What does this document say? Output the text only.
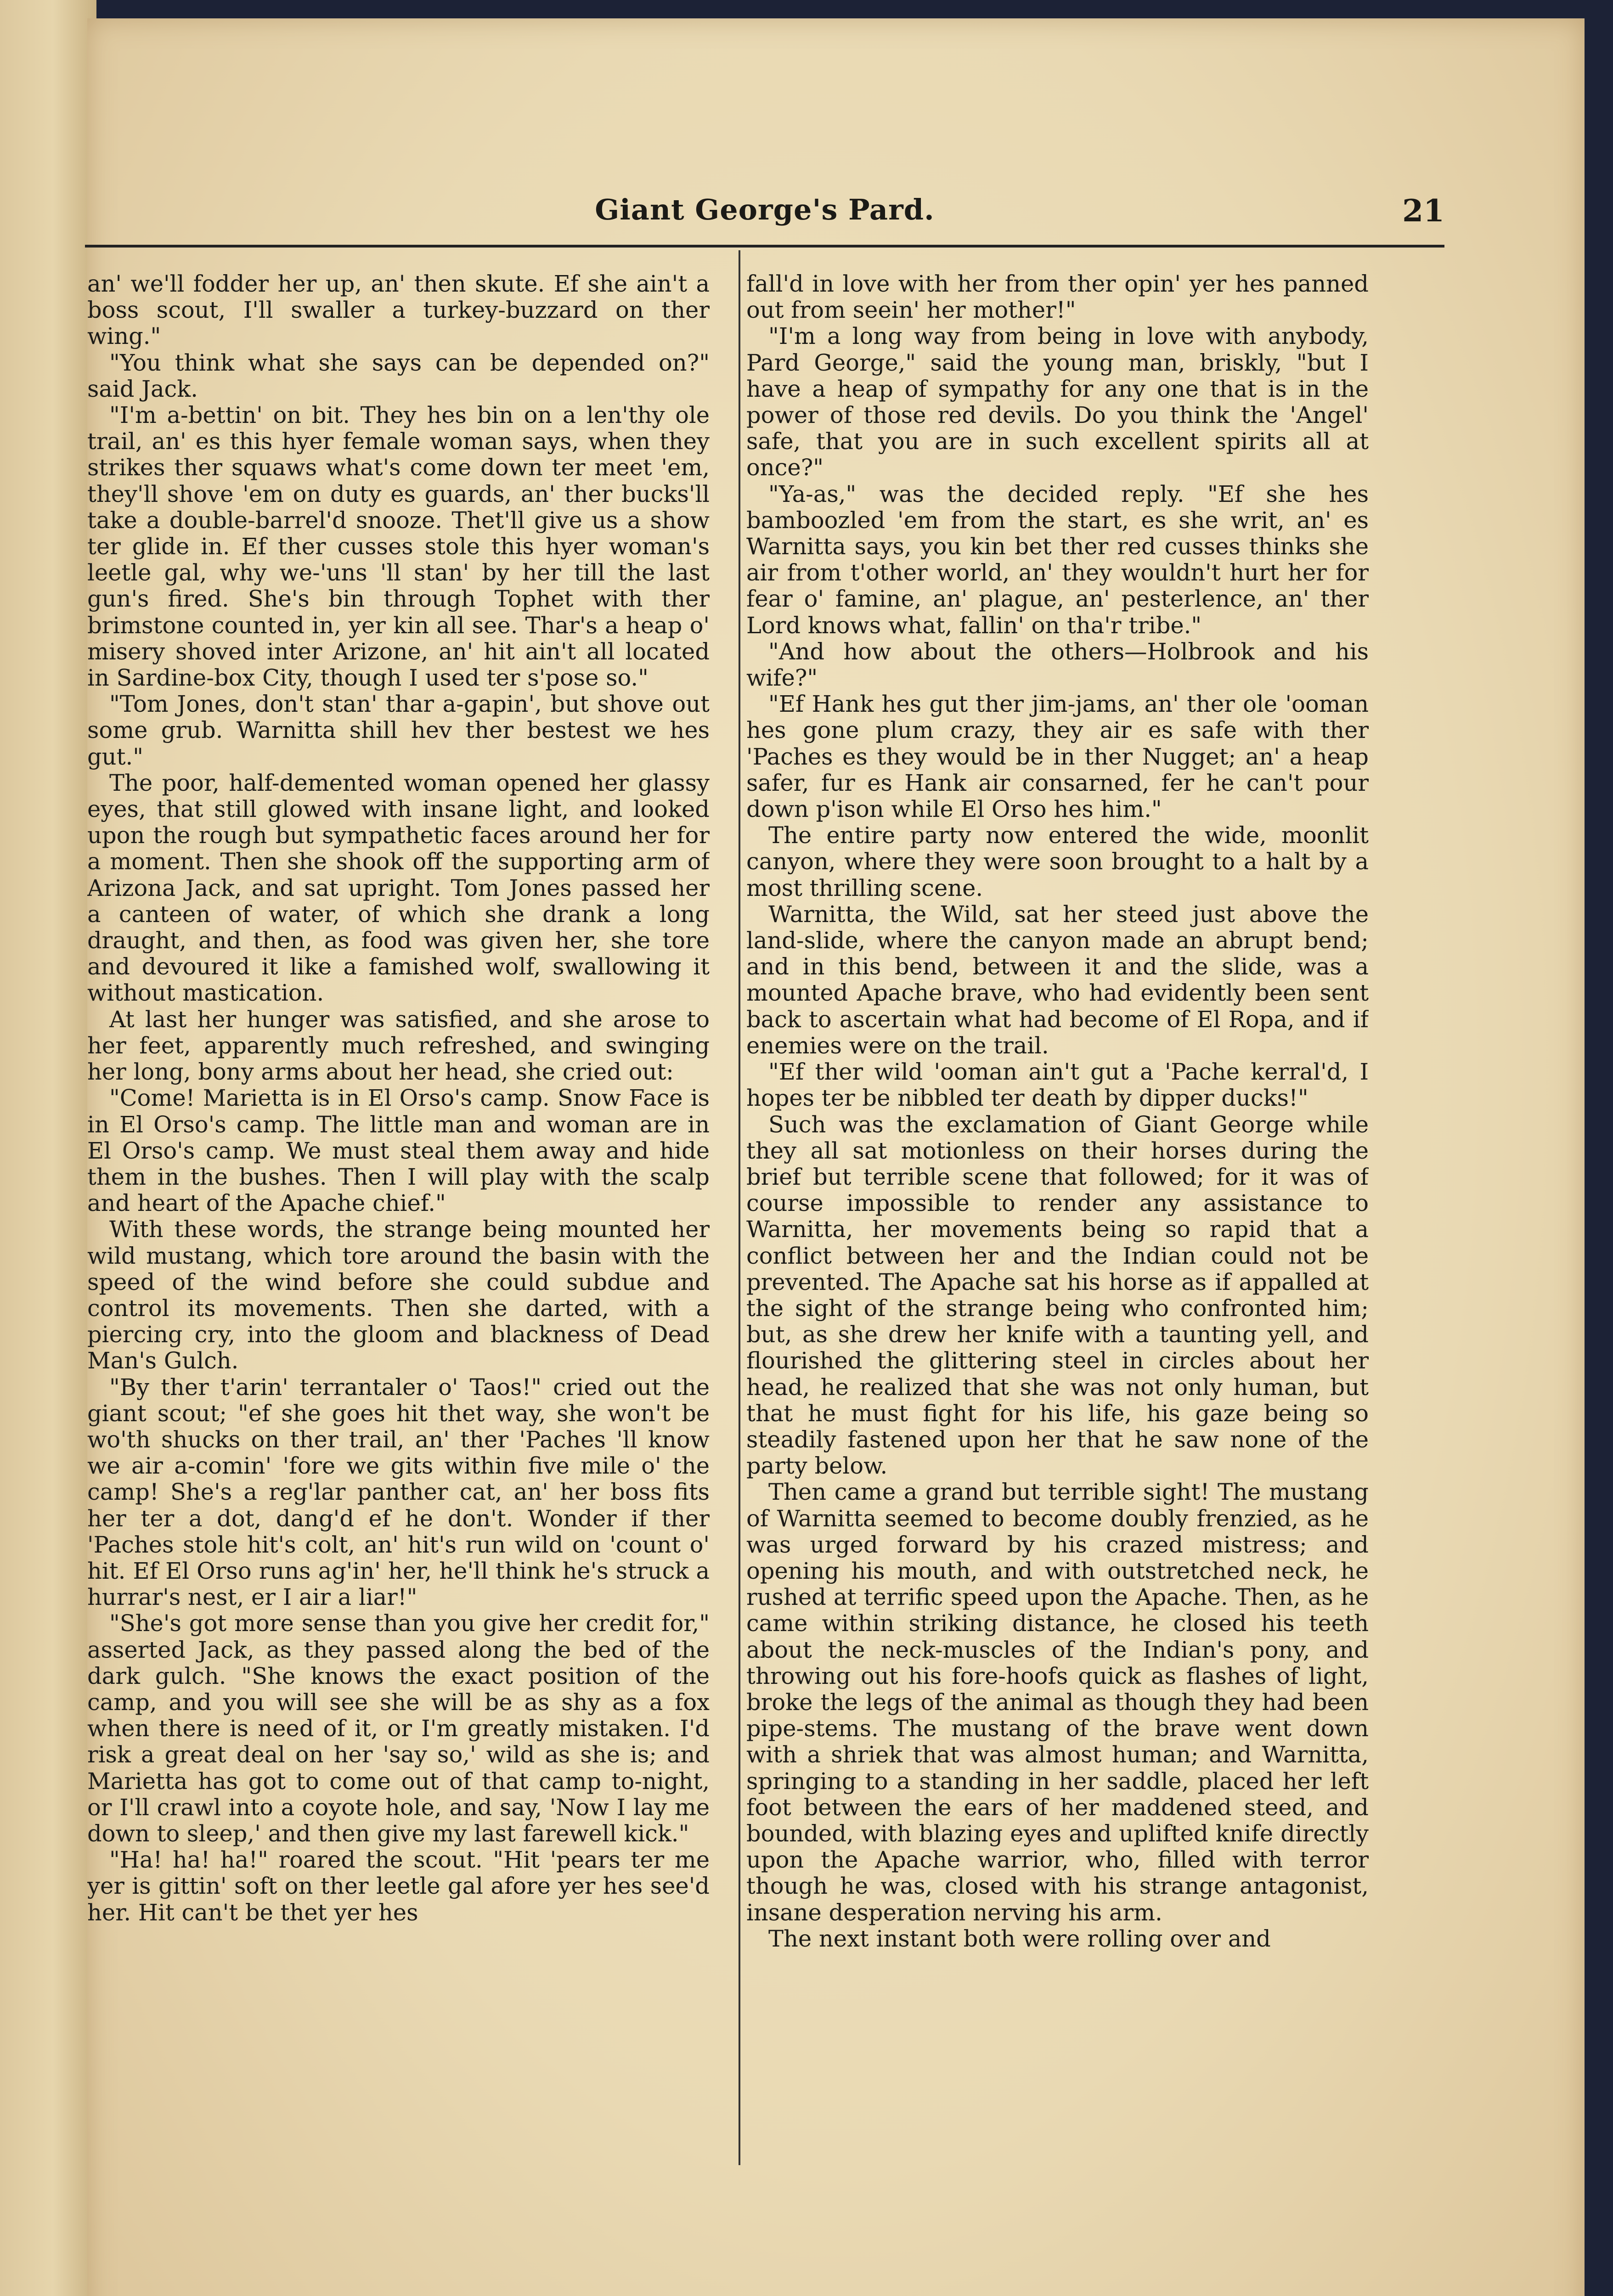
Giant George's Pard.	21

an' we'll fodder her up, an' then skute. Ef she ain't a boss scout, I'll swaller a turkey-buzzard on ther wing."

"You think what she says can be depended on?" said Jack.

"I'm a-bettin' on bit. They hes bin on a len'thy ole trail, an' es this hyer female woman says, when they strikes ther squaws what's come down ter meet 'em, they'll shove 'em on duty es guards, an' ther bucks'll take a double-barrel'd snooze. Thet'll give us a show ter glide in. Ef ther cusses stole this hyer woman's leetle gal, why we-'uns 'll stan' by her till the last gun's fired. She's bin through Tophet with ther brimstone counted in, yer kin all see. Thar's a heap o' misery shoved inter Arizone, an' hit ain't all located in Sardine-box City, though I used ter s'pose so."

"Tom Jones, don't stan' thar a-gapin', but shove out some grub. Warnitta shill hev ther bestest we hes gut."

The poor, half-demented woman opened her glassy eyes, that still glowed with insane light, and looked upon the rough but sympathetic faces around her for a moment. Then she shook off the supporting arm of Arizona Jack, and sat upright. Tom Jones passed her a canteen of water, of which she drank a long draught, and then, as food was given her, she tore and devoured it like a famished wolf, swallowing it without mastication.

At last her hunger was satisfied, and she arose to her feet, apparently much refreshed, and swinging her long, bony arms about her head, she cried out:

"Come! Marietta is in El Orso's camp. Snow Face is in El Orso's camp. The little man and woman are in El Orso's camp. We must steal them away and hide them in the bushes. Then I will play with the scalp and heart of the Apache chief."

With these words, the strange being mounted her wild mustang, which tore around the basin with the speed of the wind before she could subdue and control its movements. Then she darted, with a piercing cry, into the gloom and blackness of Dead Man's Gulch.

"By ther t'arin' terrantaler o' Taos!" cried out the giant scout; "ef she goes hit thet way, she won't be wo'th shucks on ther trail, an' ther 'Paches 'll know we air a-comin' 'fore we gits within five mile o' the camp! She's a reg'lar panther cat, an' her boss fits her ter a dot, dang'd ef he don't. Wonder if ther 'Paches stole hit's colt, an' hit's run wild on 'count o' hit. Ef El Orso runs ag'in' her, he'll think he's struck a hurrar's nest, er I air a liar!"

"She's got more sense than you give her credit for," asserted Jack, as they passed along the bed of the dark gulch. "She knows the exact position of the camp, and you will see she will be as shy as a fox when there is need of it, or I'm greatly mistaken. I'd risk a great deal on her 'say so,' wild as she is; and Marietta has got to come out of that camp to-night, or I'll crawl into a coyote hole, and say, 'Now I lay me down to sleep,' and then give my last farewell kick."

"Ha! ha! ha!" roared the scout. "Hit 'pears ter me yer is gittin' soft on ther leetle gal afore yer hes see'd her. Hit can't be thet yer hes

fall'd in love with her from ther opin' yer hes panned out from seein' her mother!"

"I'm a long way from being in love with anybody, Pard George," said the young man, briskly, "but I have a heap of sympathy for any one that is in the power of those red devils. Do you think the 'Angel' safe, that you are in such excellent spirits all at once?"

"Ya-as," was the decided reply. "Ef she hes bamboozled 'em from the start, es she writ, an' es Warnitta says, you kin bet ther red cusses thinks she air from t'other world, an' they wouldn't hurt her for fear o' famine, an' plague, an' pesterlence, an' ther Lord knows what, fallin' on tha'r tribe."

"And how about the others—Holbrook and his wife?"

"Ef Hank hes gut ther jim-jams, an' ther ole 'ooman hes gone plum crazy, they air es safe with ther 'Paches es they would be in ther Nugget; an' a heap safer, fur es Hank air consarned, fer he can't pour down p'ison while El Orso hes him."

The entire party now entered the wide, moonlit canyon, where they were soon brought to a halt by a most thrilling scene.

Warnitta, the Wild, sat her steed just above the land-slide, where the canyon made an abrupt bend; and in this bend, between it and the slide, was a mounted Apache brave, who had evidently been sent back to ascertain what had become of El Ropa, and if enemies were on the trail.

"Ef ther wild 'ooman ain't gut a 'Pache kerral'd, I hopes ter be nibbled ter death by dipper ducks!"

Such was the exclamation of Giant George while they all sat motionless on their horses during the brief but terrible scene that followed; for it was of course impossible to render any assistance to Warnitta, her movements being so rapid that a conflict between her and the Indian could not be prevented. The Apache sat his horse as if appalled at the sight of the strange being who confronted him; but, as she drew her knife with a taunting yell, and flourished the glittering steel in circles about her head, he realized that she was not only human, but that he must fight for his life, his gaze being so steadily fastened upon her that he saw none of the party below.

Then came a grand but terrible sight! The mustang of Warnitta seemed to become doubly frenzied, as he was urged forward by his crazed mistress; and opening his mouth, and with outstretched neck, he rushed at terrific speed upon the Apache. Then, as he came within striking distance, he closed his teeth about the neck-muscles of the Indian's pony, and throwing out his fore-hoofs quick as flashes of light, broke the legs of the animal as though they had been pipe-stems. The mustang of the brave went down with a shriek that was almost human; and Warnitta, springing to a standing in her saddle, placed her left foot between the ears of her maddened steed, and bounded, with blazing eyes and uplifted knife directly upon the Apache warrior, who, filled with terror though he was, closed with his strange antagonist, insane desperation nerving his arm.

The next instant both were rolling over and
